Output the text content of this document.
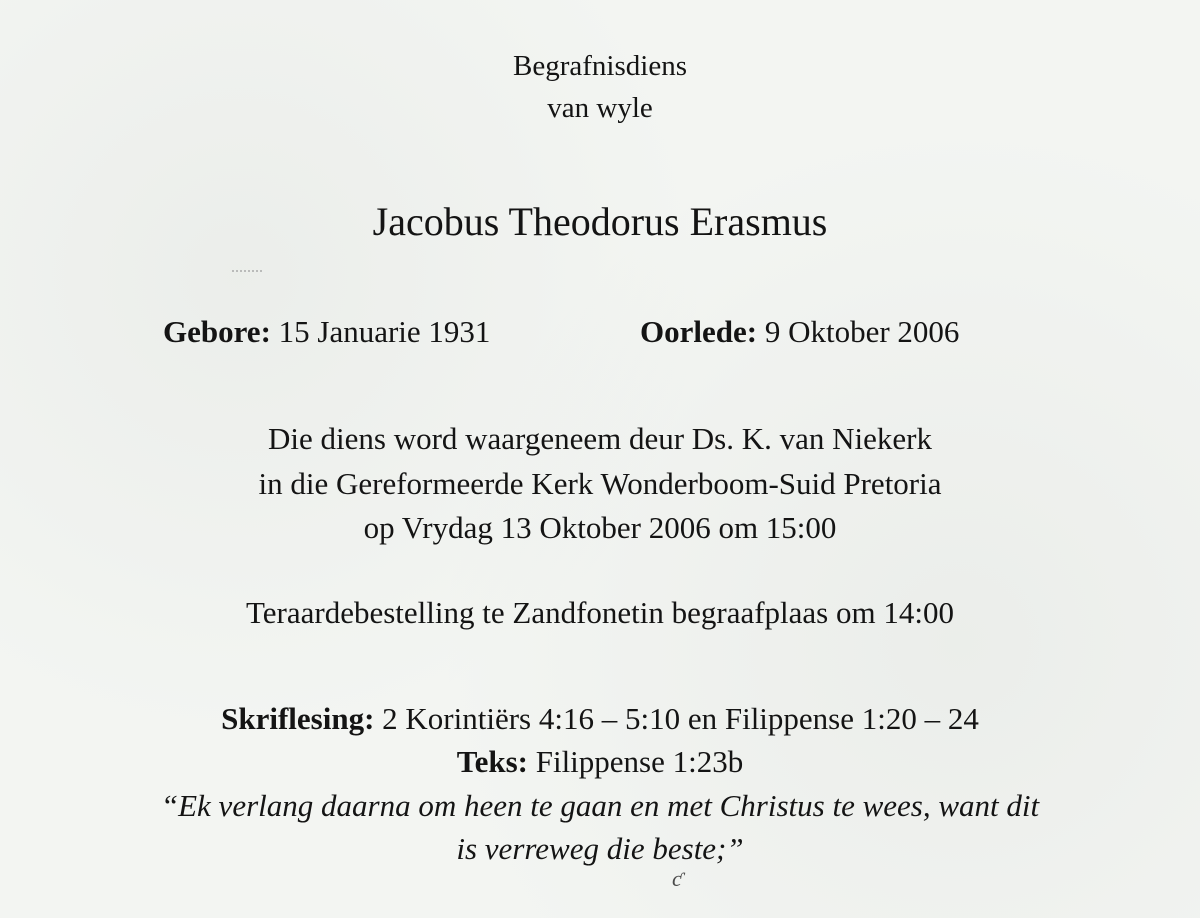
Begrafnisdiens
van wyle
Jacobus Theodorus Erasmus
Gebore: 15 Januarie 1931	Oorlede: 9 Oktober 2006
Die diens word waargeneem deur Ds. K. van Niekerk
in die Gereformeerde Kerk Wonderboom-Suid Pretoria
op Vrydag 13 Oktober 2006 om 15:00
Teraardebestelling te Zandfonetin begraafplaas om 14:00
Skriflesing: 2 Korintiërs 4:16 – 5:10 en Filippense 1:20 – 24
Teks: Filippense 1:23b
“Ek verlang daarna om heen te gaan en met Christus te wees, want dit
is verreweg die beste;”
ƈ
